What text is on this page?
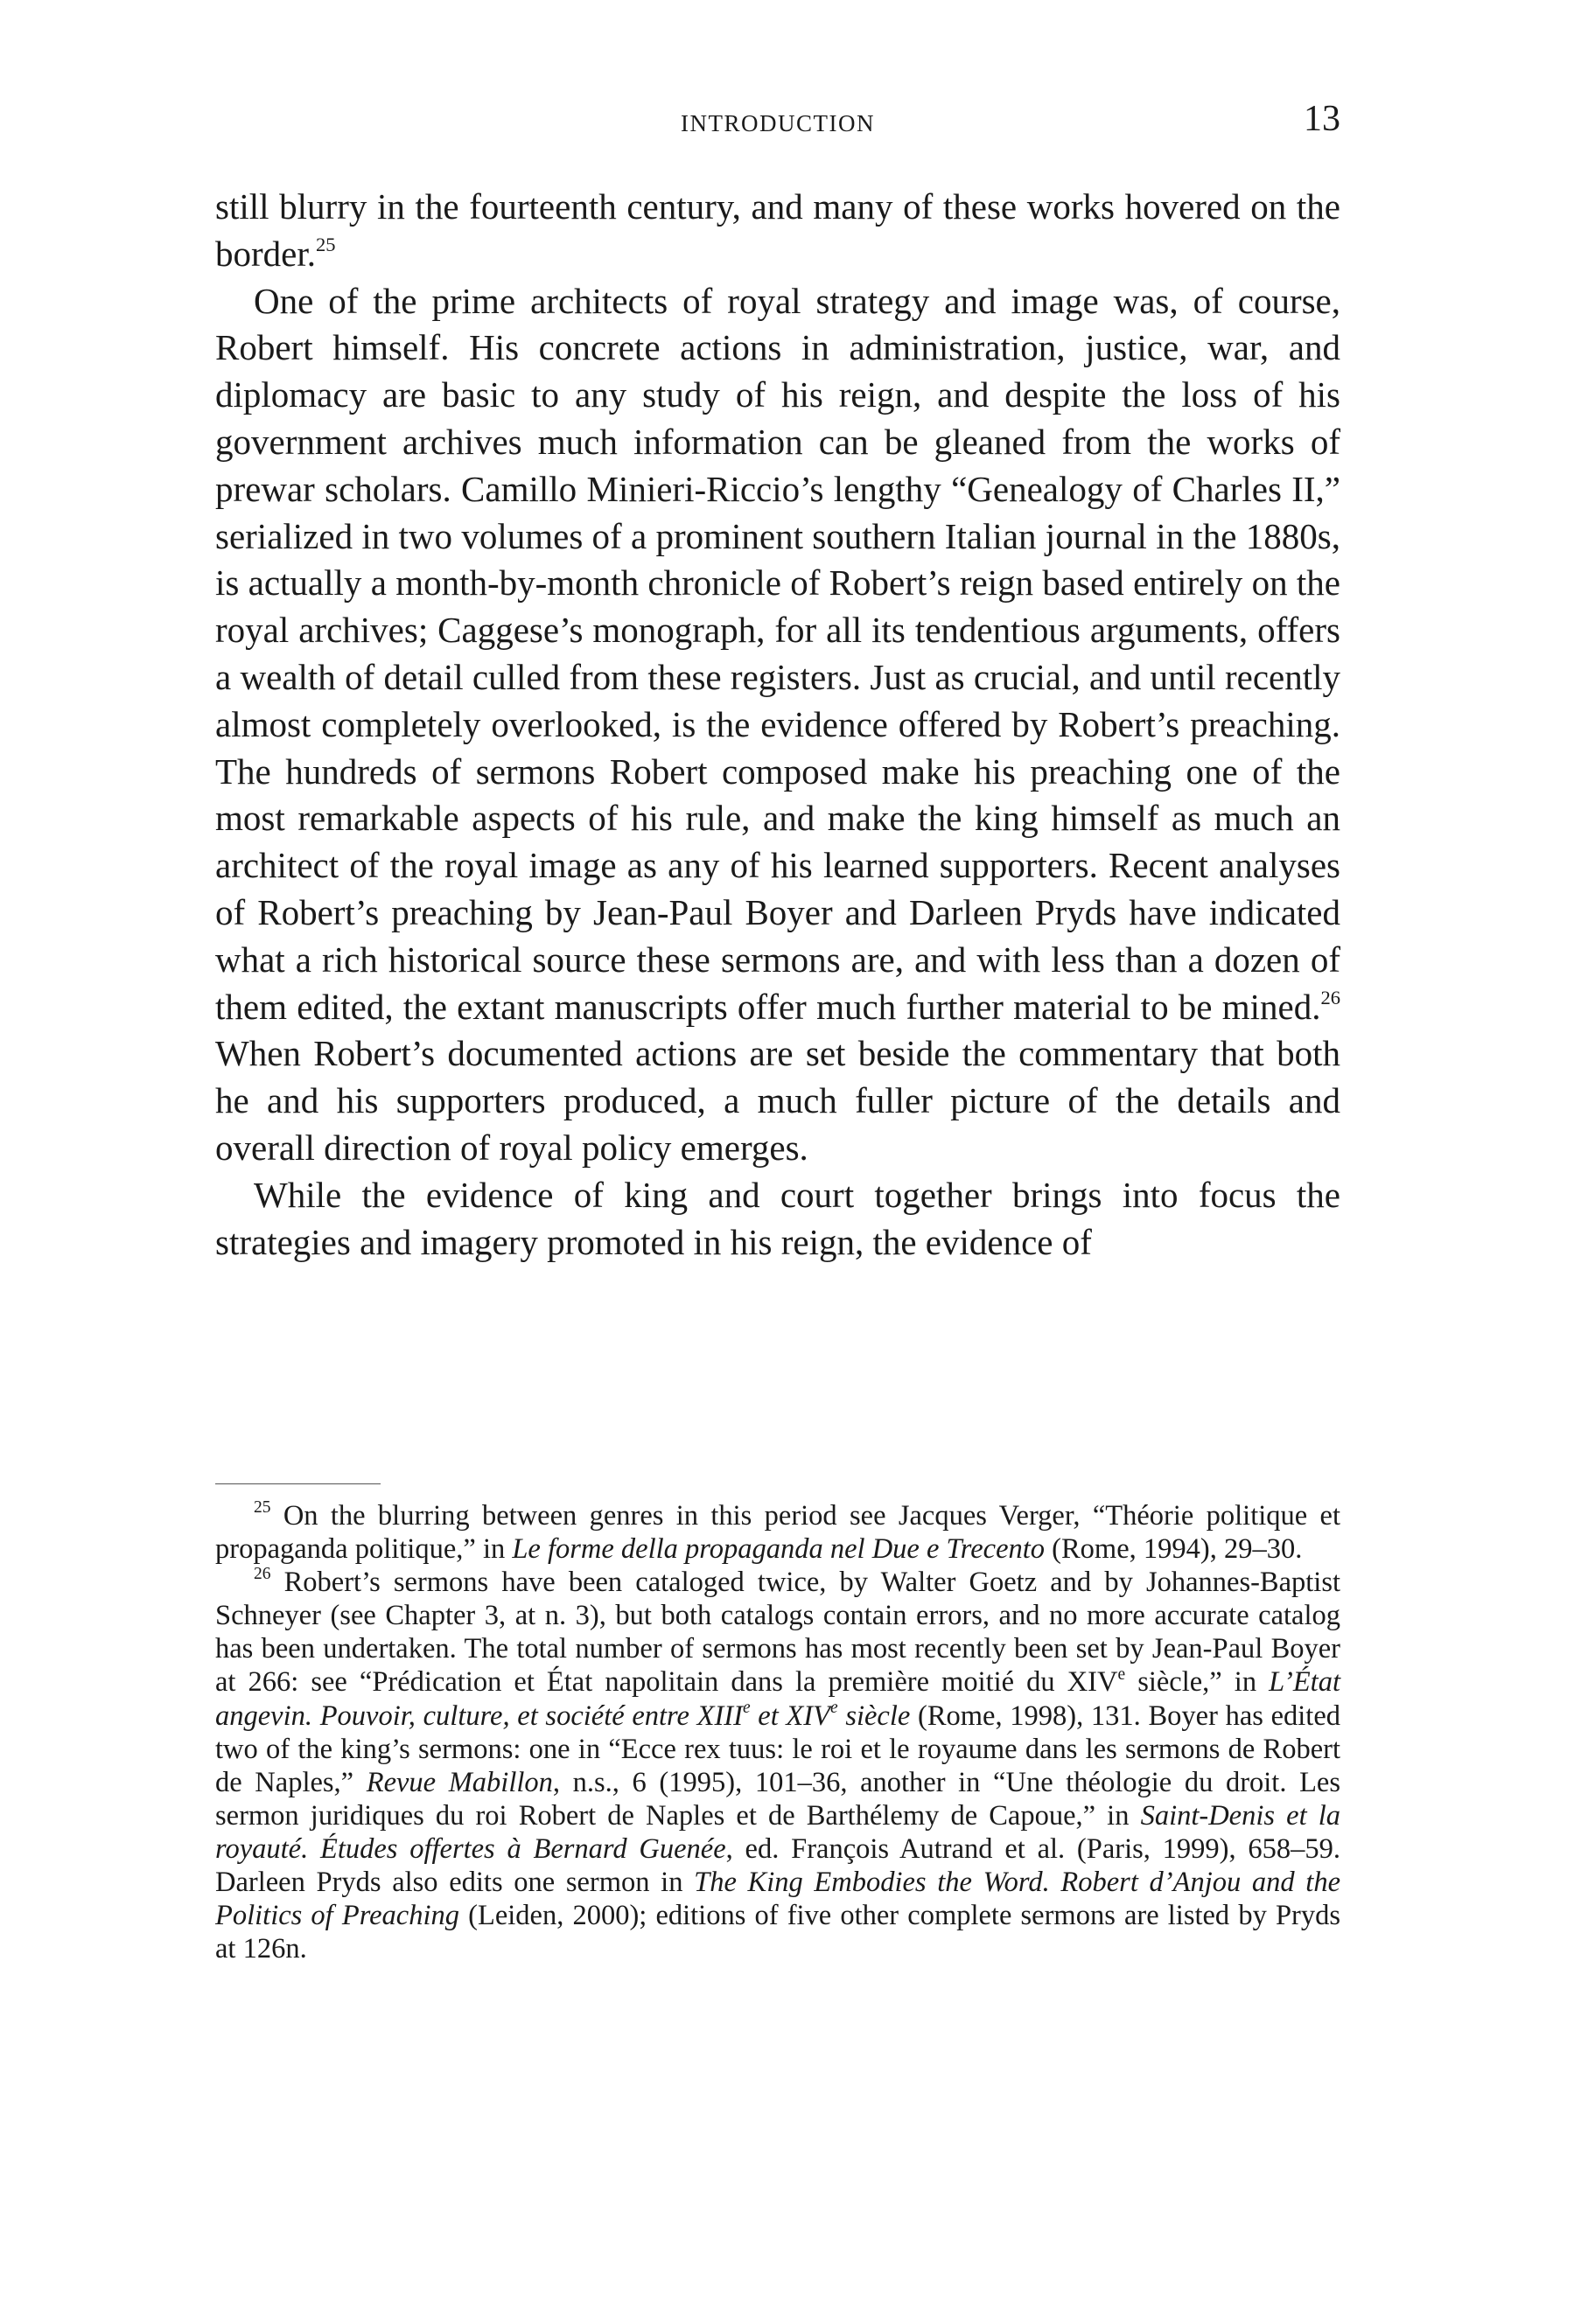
INTRODUCTION	13

still blurry in the fourteenth century, and many of these works hovered on the border.$^{25}$

One of the prime architects of royal strategy and image was, of course, Robert himself. His concrete actions in administration, justice, war, and diplomacy are basic to any study of his reign, and despite the loss of his government archives much information can be gleaned from the works of prewar scholars. Camillo Minieri-Riccio’s lengthy “Genealogy of Charles II,” serialized in two volumes of a prominent southern Italian journal in the 1880s, is actually a month-by-month chronicle of Robert’s reign based entirely on the royal archives; Caggese’s monograph, for all its tendentious arguments, offers a wealth of detail culled from these registers. Just as crucial, and until recently almost completely overlooked, is the evidence offered by Robert’s preaching. The hundreds of sermons Robert composed make his preaching one of the most remarkable aspects of his rule, and make the king himself as much an architect of the royal image as any of his learned supporters. Recent analyses of Robert’s preaching by Jean-Paul Boyer and Darleen Pryds have indicated what a rich historical source these sermons are, and with less than a dozen of them edited, the extant manuscripts offer much further material to be mined.$^{26}$ When Robert’s documented actions are set beside the commentary that both he and his supporters produced, a much fuller picture of the details and overall direction of royal policy emerges.

While the evidence of king and court together brings into focus the strategies and imagery promoted in his reign, the evidence of

$^{25}$ On the blurring between genres in this period see Jacques Verger, “Théorie politique et propaganda politique,” in Le forme della propaganda nel Due e Trecento (Rome, 1994), 29–30.

$^{26}$ Robert’s sermons have been cataloged twice, by Walter Goetz and by Johannes-Baptist Schneyer (see Chapter 3, at n. 3), but both catalogs contain errors, and no more accurate catalog has been undertaken. The total number of sermons has most recently been set by Jean-Paul Boyer at 266: see “Prédication et État napolitain dans la première moitié du XIVe siècle,” in L’État angevin. Pouvoir, culture, et société entre XIIIe et XIVe siècle (Rome, 1998), 131. Boyer has edited two of the king’s sermons: one in “Ecce rex tuus: le roi et le royaume dans les sermons de Robert de Naples,” Revue Mabillon, n.s., 6 (1995), 101–36, another in “Une théologie du droit. Les sermon juridiques du roi Robert de Naples et de Barthélemy de Capoue,” in Saint-Denis et la royauté. Études offertes à Bernard Guenée, ed. François Autrand et al. (Paris, 1999), 658–59. Darleen Pryds also edits one sermon in The King Embodies the Word. Robert d’Anjou and the Politics of Preaching (Leiden, 2000); editions of five other complete sermons are listed by Pryds at 126n.
